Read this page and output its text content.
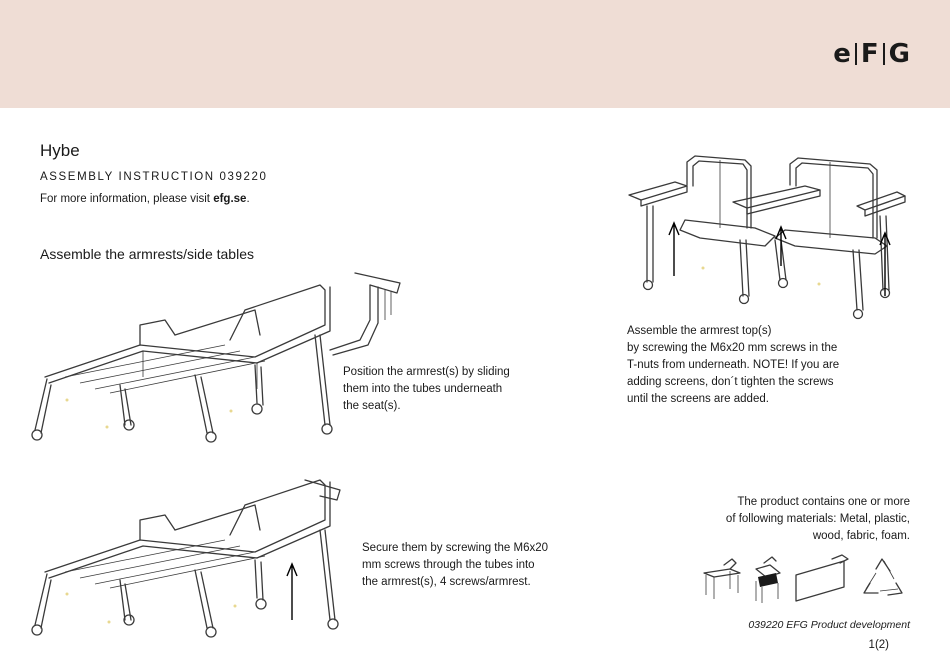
e F G
Hybe
ASSEMBLY INSTRUCTION 039220
For more information, please visit efg.se.
Assemble the armrests/side tables
Position the armrest(s) by sliding
them into the tubes underneath
the seat(s).
Secure them by screwing the M6x20
mm screws through the tubes into
the armrest(s), 4 screws/armrest.
Assemble the armrest top(s)
by screwing the M6x20 mm screws in the
T-nuts from underneath. NOTE! If you are
adding screens, don´t tighten the screws
until the screens are added.
The product contains one or more
of following materials: Metal, plastic,
wood, fabric, foam.
039220 EFG Product development
1(2)
